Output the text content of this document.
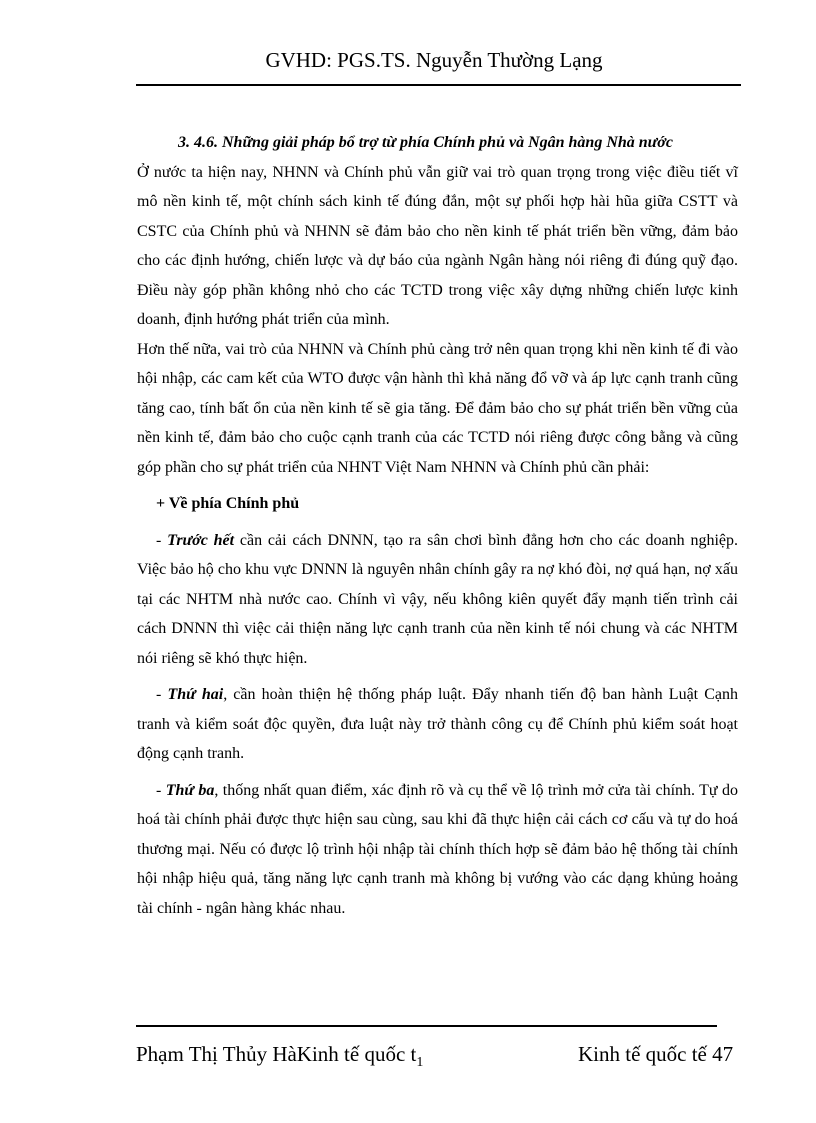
GVHD: PGS.TS. Nguyễn Thường Lạng

3. 4.6. Những giải pháp bổ trợ từ phía Chính phủ và Ngân hàng Nhà nước

Ở nước ta hiện nay, NHNN và Chính phủ vẫn giữ vai trò quan trọng trong việc điều tiết vĩ mô nền kinh tế, một chính sách kinh tế đúng đắn, một sự phối hợp hài hũa giữa CSTT và CSTC của Chính phủ và NHNN sẽ đảm bảo cho nền kinh tế phát triển bền vững, đảm bảo cho các định hướng, chiến lược và dự báo của ngành Ngân hàng nói riêng đi đúng quỹ đạo. Điều này góp phần không nhỏ cho các TCTD trong việc xây dựng những chiến lược kinh doanh, định hướng phát triển của mình.

Hơn thế nữa, vai trò của NHNN và Chính phủ càng trở nên quan trọng khi nền kinh tế đi vào hội nhập, các cam kết của WTO được vận hành thì khả năng đổ vỡ và áp lực cạnh tranh cũng tăng cao, tính bất ổn của nền kinh tế sẽ gia tăng. Để đảm bảo cho sự phát triển bền vững của nền kinh tế, đảm bảo cho cuộc cạnh tranh của các TCTD nói riêng được công bằng và cũng góp phần cho sự phát triển của NHNT Việt Nam NHNN và Chính phủ cần phải:

+ Về phía Chính phủ

- Trước hết cần cải cách DNNN, tạo ra sân chơi bình đẳng hơn cho các doanh nghiệp. Việc bảo hộ cho khu vực DNNN là nguyên nhân chính gây ra nợ khó đòi, nợ quá hạn, nợ xấu tại các NHTM nhà nước cao. Chính vì vậy, nếu không kiên quyết đẩy mạnh tiến trình cải cách DNNN thì việc cải thiện năng lực cạnh tranh của nền kinh tế nói chung và các NHTM nói riêng sẽ khó thực hiện.

- Thứ hai, cần hoàn thiện hệ thống pháp luật. Đẩy nhanh tiến độ ban hành Luật Cạnh tranh và kiểm soát độc quyền, đưa luật này trở thành công cụ để Chính phủ kiểm soát hoạt động cạnh tranh.

- Thứ ba, thống nhất quan điểm, xác định rõ và cụ thể về lộ trình mở cửa tài chính. Tự do hoá tài chính phải được thực hiện sau cùng, sau khi đã thực hiện cải cách cơ cấu và tự do hoá thương mại. Nếu có được lộ trình hội nhập tài chính thích hợp sẽ đảm bảo hệ thống tài chính hội nhập hiệu quả, tăng năng lực cạnh tranh mà không bị vướng vào các dạng khủng hoảng tài chính - ngân hàng khác nhau.

Phạm Thị Thủy HàKinh tế quốc $t_1$	Kinh tế quốc tế 47
